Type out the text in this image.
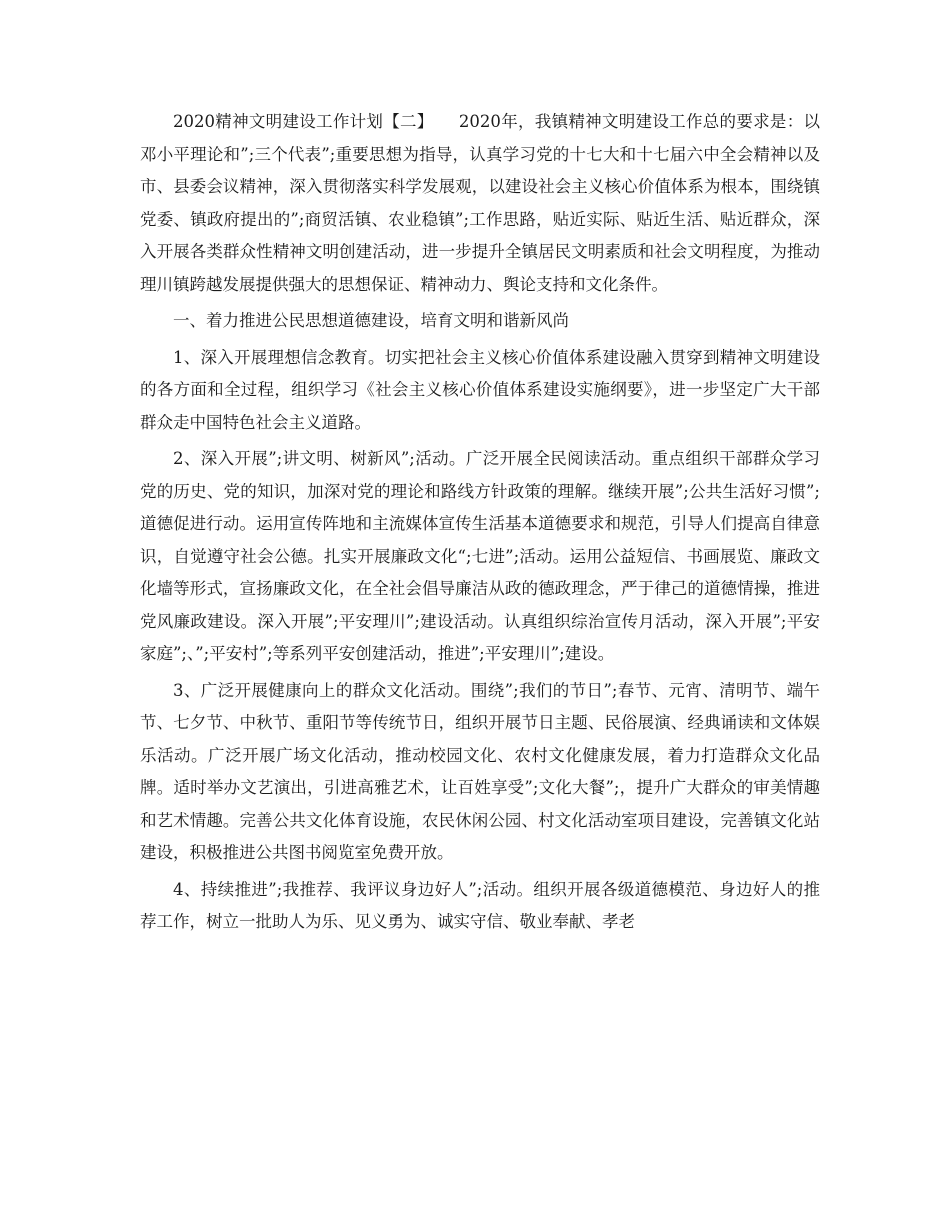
2020精神文明建设工作计划【二】　　2020年，我镇精神文明建设工作总的要求是：以邓小平理论和”;三个代表”;重要思想为指导，认真学习党的十七大和十七届六中全会精神以及市、县委会议精神，深入贯彻落实科学发展观，以建设社会主义核心价值体系为根本，围绕镇党委、镇政府提出的”;商贸活镇、农业稳镇”;工作思路，贴近实际、贴近生活、贴近群众，深入开展各类群众性精神文明创建活动，进一步提升全镇居民文明素质和社会文明程度，为推动理川镇跨越发展提供强大的思想保证、精神动力、舆论支持和文化条件。

一、着力推进公民思想道德建设，培育文明和谐新风尚

1、深入开展理想信念教育。切实把社会主义核心价值体系建设融入贯穿到精神文明建设的各方面和全过程，组织学习《社会主义核心价值体系建设实施纲要》，进一步坚定广大干部群众走中国特色社会主义道路。

2、深入开展”;讲文明、树新风”;活动。广泛开展全民阅读活动。重点组织干部群众学习党的历史、党的知识，加深对党的理论和路线方针政策的理解。继续开展”;公共生活好习惯”;道德促进行动。运用宣传阵地和主流媒体宣传生活基本道德要求和规范，引导人们提高自律意识，自觉遵守社会公德。扎实开展廉政文化“;七进”;活动。运用公益短信、书画展览、廉政文化墙等形式，宣扬廉政文化，在全社会倡导廉洁从政的德政理念，严于律己的道德情操，推进党风廉政建设。深入开展”;平安理川”;建设活动。认真组织综治宣传月活动，深入开展”;平安家庭”;、”;平安村”;等系列平安创建活动，推进”;平安理川”;建设。

3、广泛开展健康向上的群众文化活动。围绕”;我们的节日”;春节、元宵、清明节、端午节、七夕节、中秋节、重阳节等传统节日，组织开展节日主题、民俗展演、经典诵读和文体娱乐活动。广泛开展广场文化活动，推动校园文化、农村文化健康发展，着力打造群众文化品牌。适时举办文艺演出，引进高雅艺术，让百姓享受”;文化大餐”;，提升广大群众的审美情趣和艺术情趣。完善公共文化体育设施，农民休闲公园、村文化活动室项目建设，完善镇文化站建设，积极推进公共图书阅览室免费开放。

4、持续推进”;我推荐、我评议身边好人”;活动。组织开展各级道德模范、身边好人的推荐工作，树立一批助人为乐、见义勇为、诚实守信、敬业奉献、孝老
